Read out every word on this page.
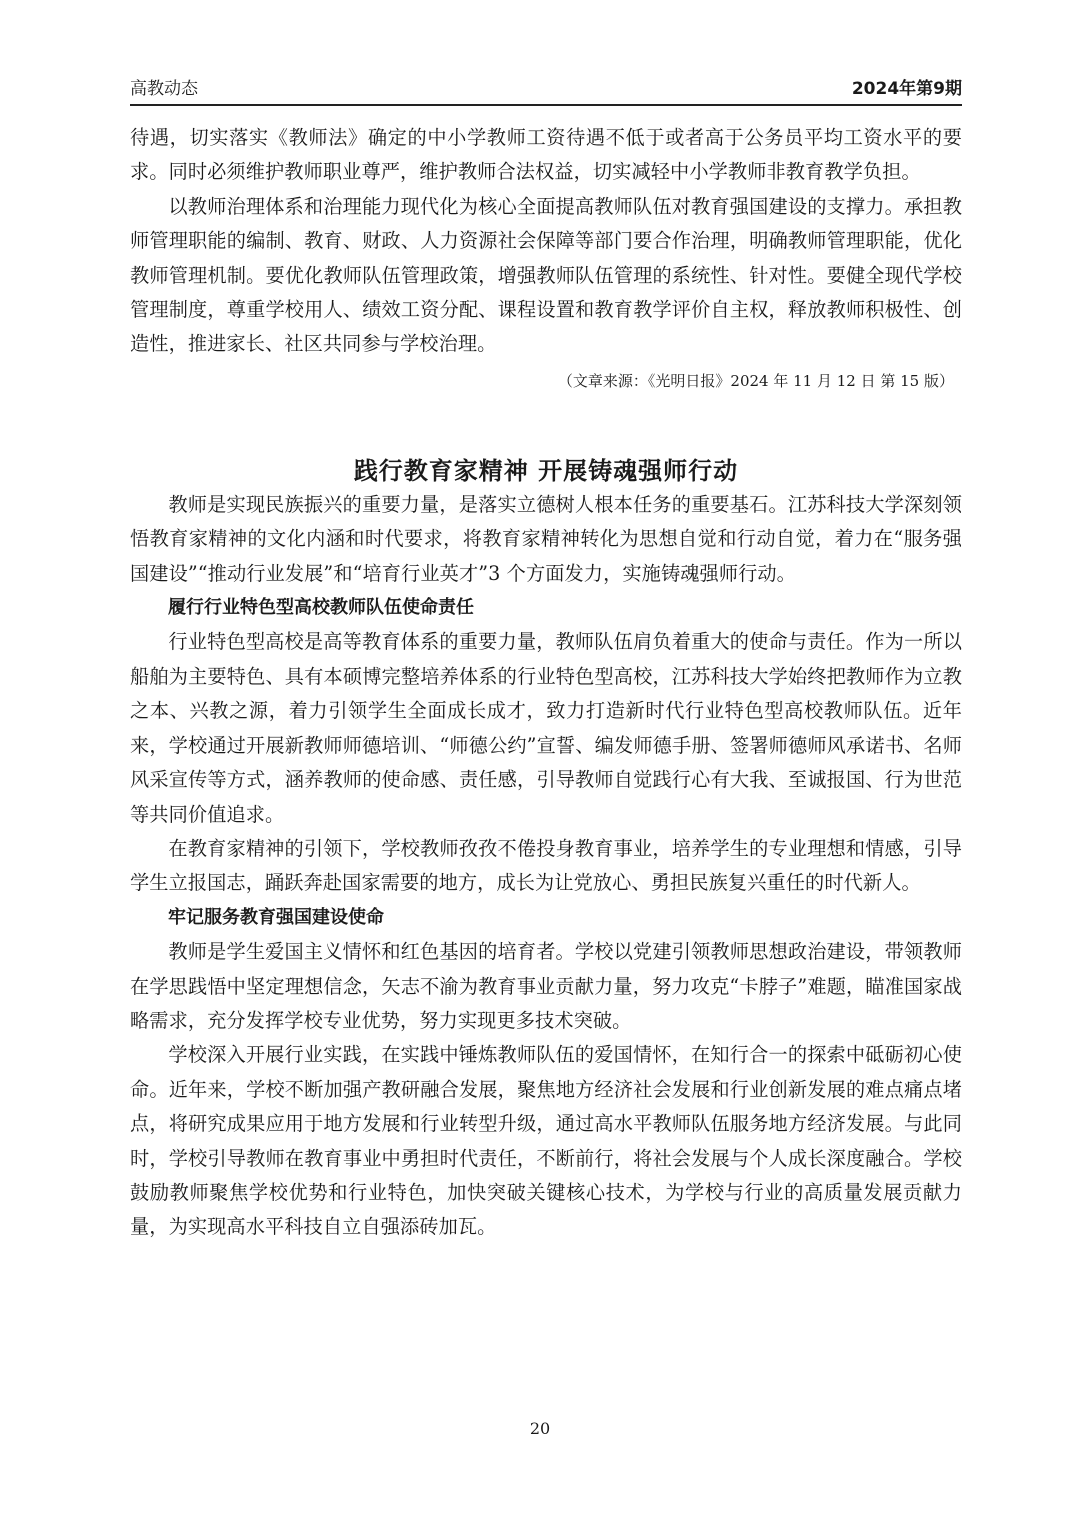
高教动态	2024年第9期

待遇，切实落实《教师法》确定的中小学教师工资待遇不低于或者高于公务员平均工资水平的要求。同时必须维护教师职业尊严，维护教师合法权益，切实减轻中小学教师非教育教学负担。

以教师治理体系和治理能力现代化为核心全面提高教师队伍对教育强国建设的支撑力。承担教师管理职能的编制、教育、财政、人力资源社会保障等部门要合作治理，明确教师管理职能，优化教师管理机制。要优化教师队伍管理政策，增强教师队伍管理的系统性、针对性。要健全现代学校管理制度，尊重学校用人、绩效工资分配、课程设置和教育教学评价自主权，释放教师积极性、创造性，推进家长、社区共同参与学校治理。

（文章来源：《光明日报》2024 年 11 月 12 日 第 15 版）

践行教育家精神 开展铸魂强师行动

教师是实现民族振兴的重要力量，是落实立德树人根本任务的重要基石。江苏科技大学深刻领悟教育家精神的文化内涵和时代要求，将教育家精神转化为思想自觉和行动自觉，着力在“服务强国建设”“推动行业发展”和“培育行业英才”3 个方面发力，实施铸魂强师行动。

履行行业特色型高校教师队伍使命责任

行业特色型高校是高等教育体系的重要力量，教师队伍肩负着重大的使命与责任。作为一所以船舶为主要特色、具有本硕博完整培养体系的行业特色型高校，江苏科技大学始终把教师作为立教之本、兴教之源，着力引领学生全面成长成才，致力打造新时代行业特色型高校教师队伍。近年来，学校通过开展新教师师德培训、“师德公约”宣誓、编发师德手册、签署师德师风承诺书、名师风采宣传等方式，涵养教师的使命感、责任感，引导教师自觉践行心有大我、至诚报国、行为世范等共同价值追求。

在教育家精神的引领下，学校教师孜孜不倦投身教育事业，培养学生的专业理想和情感，引导学生立报国志，踊跃奔赴国家需要的地方，成长为让党放心、勇担民族复兴重任的时代新人。

牢记服务教育强国建设使命

教师是学生爱国主义情怀和红色基因的培育者。学校以党建引领教师思想政治建设，带领教师在学思践悟中坚定理想信念，矢志不渝为教育事业贡献力量，努力攻克“卡脖子”难题，瞄准国家战略需求，充分发挥学校专业优势，努力实现更多技术突破。

学校深入开展行业实践，在实践中锤炼教师队伍的爱国情怀，在知行合一的探索中砥砺初心使命。近年来，学校不断加强产教研融合发展，聚焦地方经济社会发展和行业创新发展的难点痛点堵点，将研究成果应用于地方发展和行业转型升级，通过高水平教师队伍服务地方经济发展。与此同时，学校引导教师在教育事业中勇担时代责任，不断前行，将社会发展与个人成长深度融合。学校鼓励教师聚焦学校优势和行业特色，加快突破关键核心技术，为学校与行业的高质量发展贡献力量，为实现高水平科技自立自强添砖加瓦。

20
